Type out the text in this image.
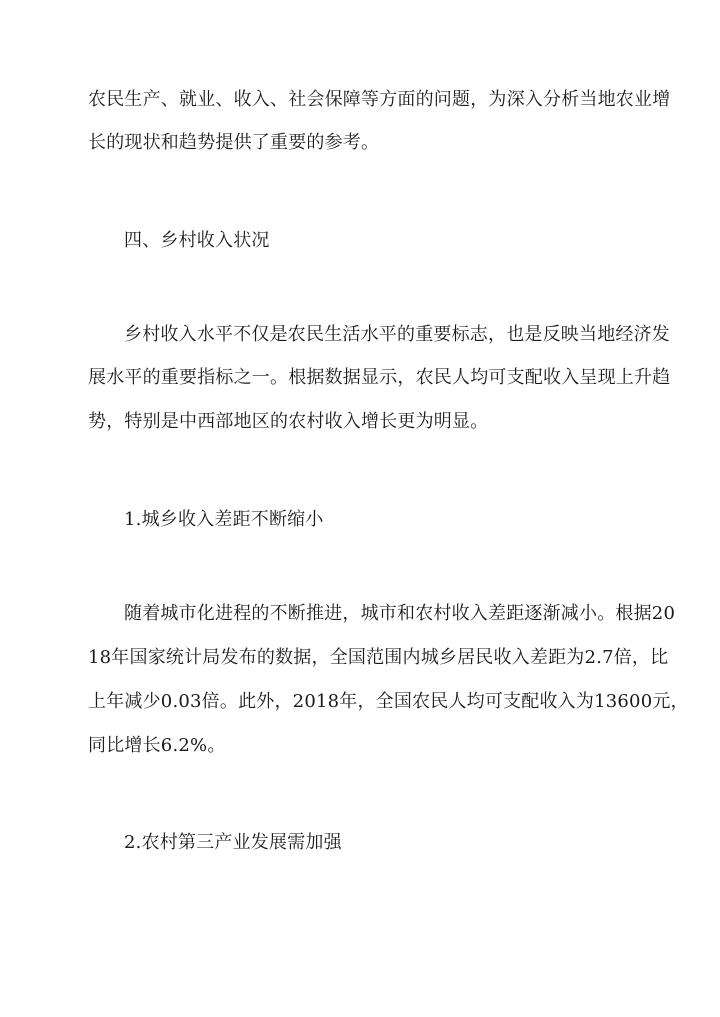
农民生产、就业、收入、社会保障等方面的问题，为深入分析当地农业增
长的现状和趋势提供了重要的参考。
四、乡村收入状况
乡村收入水平不仅是农民生活水平的重要标志，也是反映当地经济发
展水平的重要指标之一。根据数据显示，农民人均可支配收入呈现上升趋
势，特别是中西部地区的农村收入增长更为明显。
1.城乡收入差距不断缩小
随着城市化进程的不断推进，城市和农村收入差距逐渐减小。根据20
18年国家统计局发布的数据，全国范围内城乡居民收入差距为2.7倍，比
上年减少0.03倍。此外，2018年，全国农民人均可支配收入为13600元，
同比增长6.2%。
2.农村第三产业发展需加强
